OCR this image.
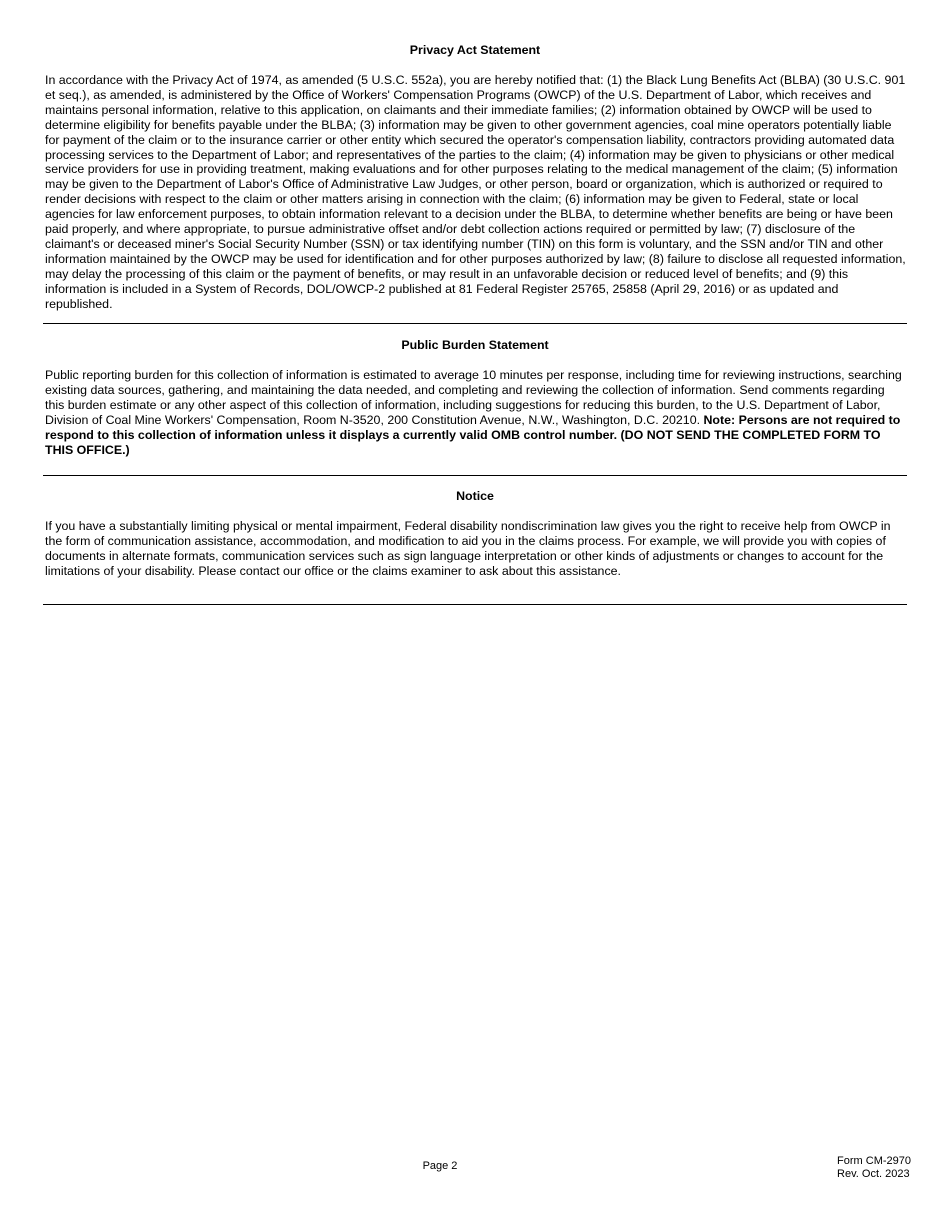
Privacy Act Statement

In accordance with the Privacy Act of 1974, as amended (5 U.S.C. 552a), you are hereby notified that: (1) the Black Lung Benefits Act (BLBA) (30 U.S.C. 901 et seq.), as amended, is administered by the Office of Workers' Compensation Programs (OWCP) of the U.S. Department of Labor, which receives and maintains personal information, relative to this application, on claimants and their immediate families; (2) information obtained by OWCP will be used to determine eligibility for benefits payable under the BLBA; (3) information may be given to other government agencies, coal mine operators potentially liable for payment of the claim or to the insurance carrier or other entity which secured the operator's compensation liability, contractors providing automated data processing services to the Department of Labor; and representatives of the parties to the claim; (4) information may be given to physicians or other medical service providers for use in providing treatment, making evaluations and for other purposes relating to the medical management of the claim; (5) information may be given to the Department of Labor's Office of Administrative Law Judges, or other person, board or organization, which is authorized or required to render decisions with respect to the claim or other matters arising in connection with the claim; (6) information may be given to Federal, state or local agencies for law enforcement purposes, to obtain information relevant to a decision under the BLBA, to determine whether benefits are being or have been paid properly, and where appropriate, to pursue administrative offset and/or debt collection actions required or permitted by law; (7) disclosure of the claimant's or deceased miner's Social Security Number (SSN) or tax identifying number (TIN) on this form is voluntary, and the SSN and/or TIN and other information maintained by the OWCP may be used for identification and for other purposes authorized by law; (8) failure to disclose all requested information, may delay the processing of this claim or the payment of benefits, or may result in an unfavorable decision or reduced level of benefits; and (9) this information is included in a System of Records, DOL/OWCP-2 published at 81 Federal Register 25765, 25858 (April 29, 2016) or as updated and republished.

Public Burden Statement

Public reporting burden for this collection of information is estimated to average 10 minutes per response, including time for reviewing instructions, searching existing data sources, gathering, and maintaining the data needed, and completing and reviewing the collection of information. Send comments regarding this burden estimate or any other aspect of this collection of information, including suggestions for reducing this burden, to the U.S. Department of Labor, Division of Coal Mine Workers' Compensation, Room N-3520, 200 Constitution Avenue, N.W., Washington, D.C. 20210. Note: Persons are not required to respond to this collection of information unless it displays a currently valid OMB control number. (DO NOT SEND THE COMPLETED FORM TO THIS OFFICE.)

Notice

If you have a substantially limiting physical or mental impairment, Federal disability nondiscrimination law gives you the right to receive help from OWCP in the form of communication assistance, accommodation, and modification to aid you in the claims process. For example, we will provide you with copies of documents in alternate formats, communication services such as sign language interpretation or other kinds of adjustments or changes to account for the limitations of your disability. Please contact our office or the claims examiner to ask about this assistance.

Page 2	Form CM-2970
Rev. Oct. 2023
